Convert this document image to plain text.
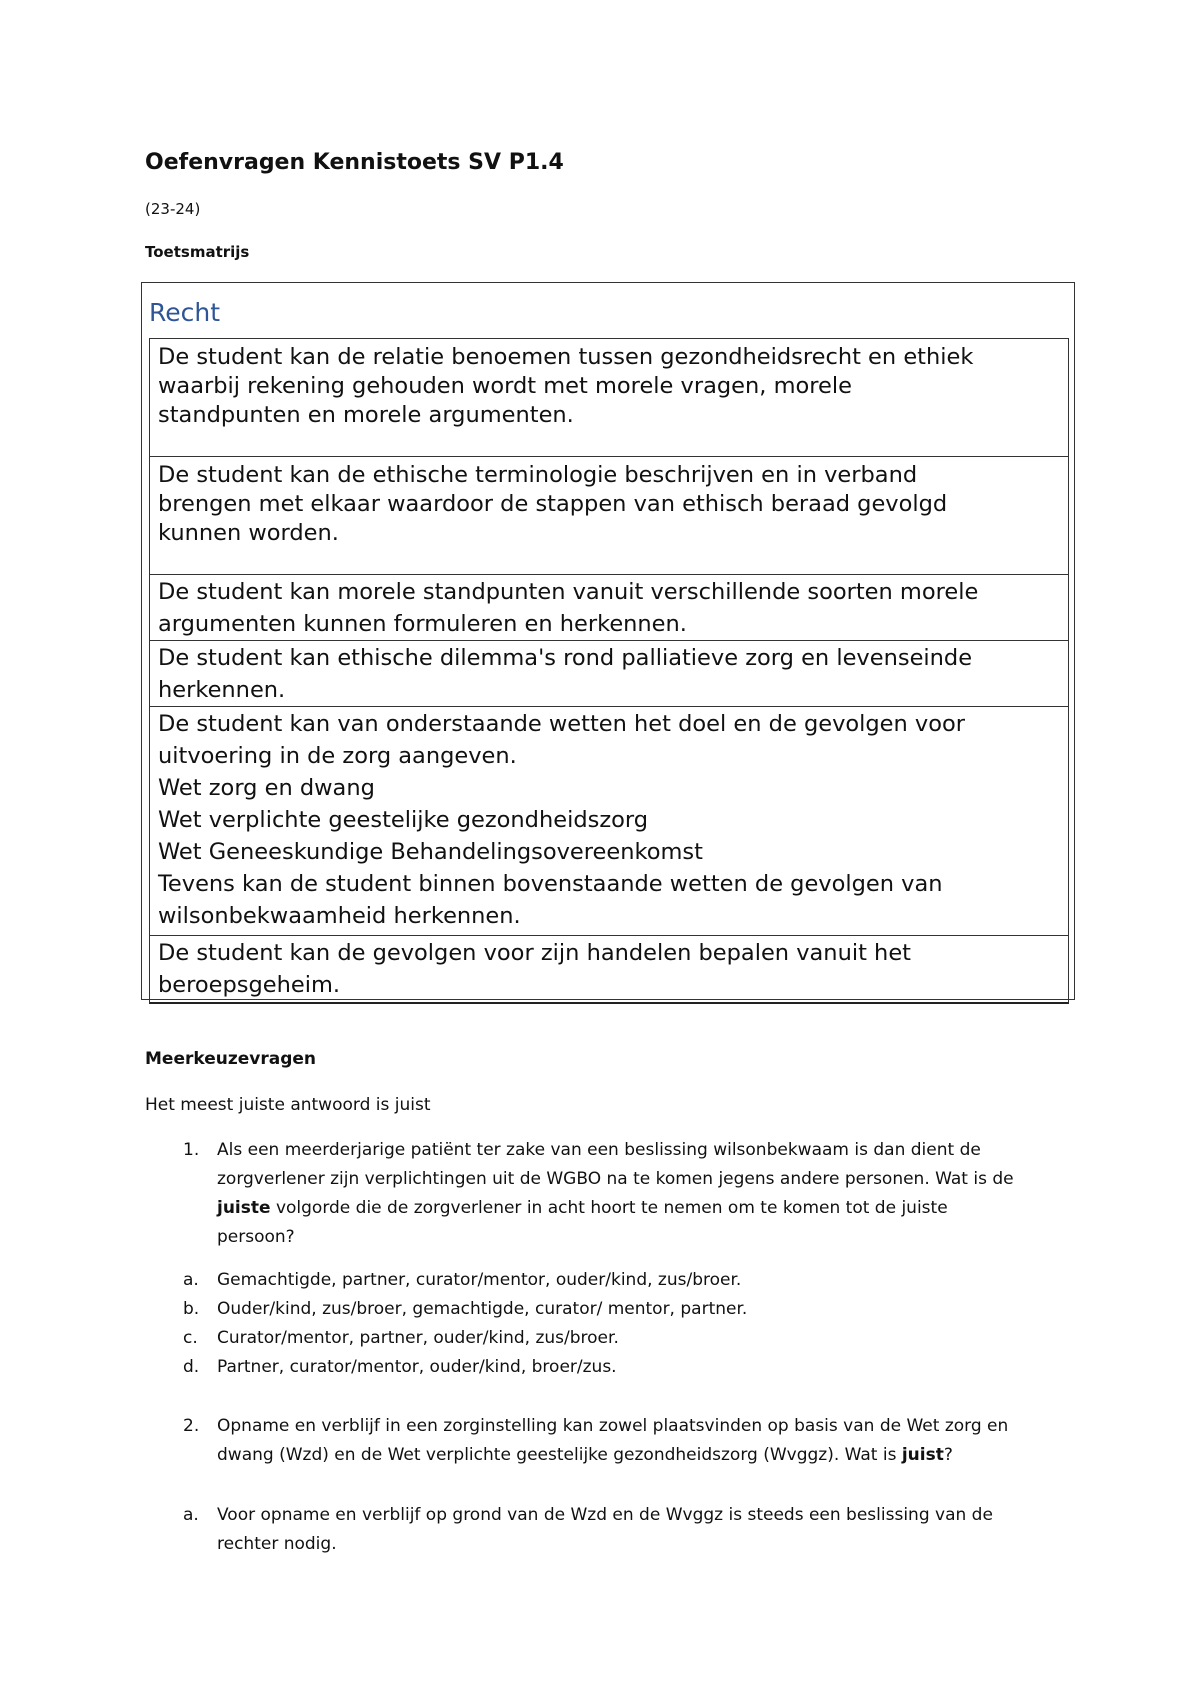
Oefenvragen Kennistoets SV P1.4
(23-24)
Toetsmatrijs
Recht
De student kan de relatie benoemen tussen gezondheidsrecht en ethiek
waarbij rekening gehouden wordt met morele vragen, morele
standpunten en morele argumenten.
De student kan de ethische terminologie beschrijven en in verband
brengen met elkaar waardoor de stappen van ethisch beraad gevolgd
kunnen worden.
De student kan morele standpunten vanuit verschillende soorten morele
argumenten kunnen formuleren en herkennen.
De student kan ethische dilemma's rond palliatieve zorg en levenseinde
herkennen.
De student kan van onderstaande wetten het doel en de gevolgen voor
uitvoering in de zorg aangeven.
Wet zorg en dwang
Wet verplichte geestelijke gezondheidszorg
Wet Geneeskundige Behandelingsovereenkomst
Tevens kan de student binnen bovenstaande wetten de gevolgen van
wilsonbekwaamheid herkennen.
De student kan de gevolgen voor zijn handelen bepalen vanuit het
beroepsgeheim.
Meerkeuzevragen
Het meest juiste antwoord is juist
1. Als een meerderjarige patiënt ter zake van een beslissing wilsonbekwaam is dan dient de
zorgverlener zijn verplichtingen uit de WGBO na te komen jegens andere personen. Wat is de
juiste volgorde die de zorgverlener in acht hoort te nemen om te komen tot de juiste
persoon?
a. Gemachtigde, partner, curator/mentor, ouder/kind, zus/broer.
b. Ouder/kind, zus/broer, gemachtigde, curator/ mentor, partner.
c. Curator/mentor, partner, ouder/kind, zus/broer.
d. Partner, curator/mentor, ouder/kind, broer/zus.
2. Opname en verblijf in een zorginstelling kan zowel plaatsvinden op basis van de Wet zorg en
dwang (Wzd) en de Wet verplichte geestelijke gezondheidszorg (Wvggz). Wat is juist?
a. Voor opname en verblijf op grond van de Wzd en de Wvggz is steeds een beslissing van de
rechter nodig.
